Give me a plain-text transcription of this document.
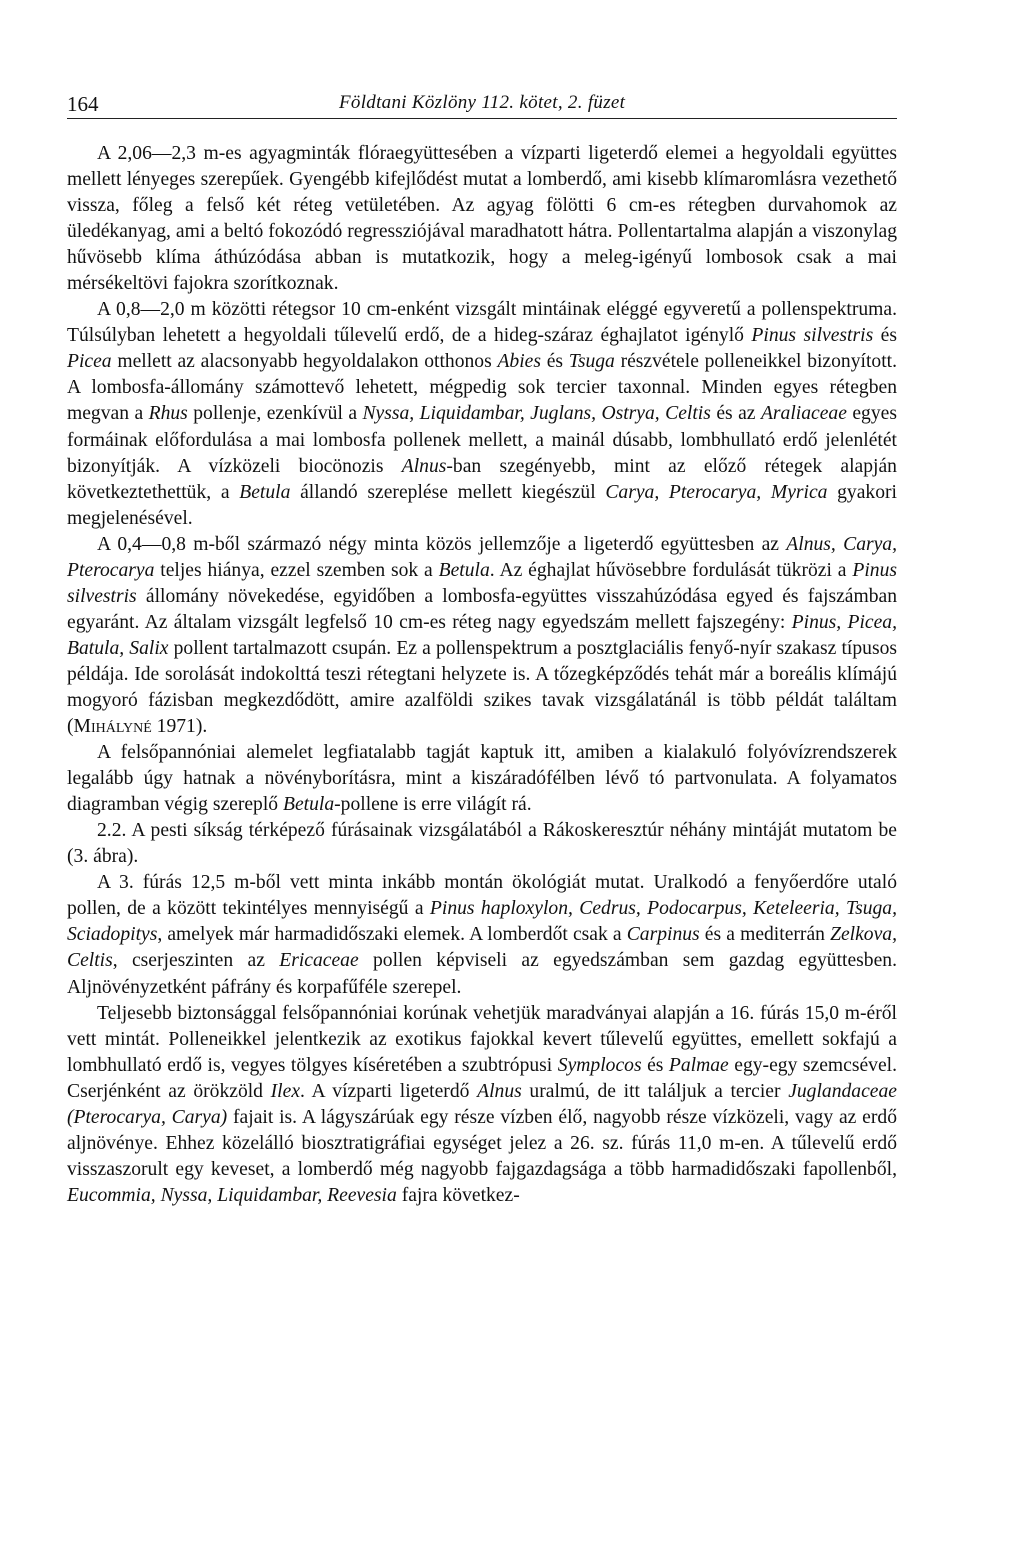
164	Földtani Közlöny 112. kötet, 2. füzet

A 2,06—2,3 m-es agyagminták flóraegyüttesében a vízparti ligeterdő elemei a hegyoldali együttes mellett lényeges szerepűek. Gyengébb kifejlődést mutat a lomberdő, ami kisebb klímaromlásra vezethető vissza, főleg a felső két réteg vetületében. Az agyag fölötti 6 cm-es rétegben durvahomok az üledékanyag, ami a beltó fokozódó regressziójával maradhatott hátra. Pollentartalma alapján a viszonylag hűvösebb klíma áthúzódása abban is mutatkozik, hogy a meleg-igényű lombosok csak a mai mérsékeltövi fajokra szorítkoznak.

A 0,8—2,0 m közötti rétegsor 10 cm-enként vizsgált mintáinak eléggé egyveretű a pollenspektruma. Túlsúlyban lehetett a hegyoldali tűlevelű erdő, de a hideg-száraz éghajlatot igénylő Pinus silvestris és Picea mellett az alacsonyabb hegyoldalakon otthonos Abies és Tsuga részvétele polleneikkel bizonyított. A lombosfa-állomány számottevő lehetett, mégpedig sok tercier taxonnal. Minden egyes rétegben megvan a Rhus pollenje, ezenkívül a Nyssa, Liquidambar, Juglans, Ostrya, Celtis és az Araliaceae egyes formáinak előfordulása a mai lombosfa pollenek mellett, a mainál dúsabb, lombhullató erdő jelenlétét bizonyítják. A vízközeli biocönozis Alnus-ban szegényebb, mint az előző rétegek alapján következtethettük, a Betula állandó szereplése mellett kiegészül Carya, Pterocarya, Myrica gyakori megjelenésével.

A 0,4—0,8 m-ből származó négy minta közös jellemzője a ligeterdő együttesben az Alnus, Carya, Pterocarya teljes hiánya, ezzel szemben sok a Betula. Az éghajlat hűvösebbre fordulását tükrözi a Pinus silvestris állomány növekedése, egyidőben a lombosfa-együttes visszahúzódása egyed és fajszámban egyaránt. Az általam vizsgált legfelső 10 cm-es réteg nagy egyedszám mellett fajszegény: Pinus, Picea, Batula, Salix pollent tartalmazott csupán. Ez a pollenspektrum a posztglaciális fenyő-nyír szakasz típusos példája. Ide sorolását indokolttá teszi rétegtani helyzete is. A tőzegképződés tehát már a boreális klímájú mogyoró fázisban megkezdődött, amire azalföldi szikes tavak vizsgálatánál is több példát találtam (Mihályné 1971).

A felsőpannóniai alemelet legfiatalabb tagját kaptuk itt, amiben a kialakuló folyóvízrendszerek legalább úgy hatnak a növényborításra, mint a kiszáradófélben lévő tó partvonulata. A folyamatos diagramban végig szereplő Betula-pollene is erre világít rá.

2.2. A pesti síkság térképező fúrásainak vizsgálatából a Rákoskeresztúr néhány mintáját mutatom be (3. ábra).

A 3. fúrás 12,5 m-ből vett minta inkább montán ökológiát mutat. Uralkodó a fenyőerdőre utaló pollen, de a között tekintélyes mennyiségű a Pinus haploxylon, Cedrus, Podocarpus, Keteleeria, Tsuga, Sciadopitys, amelyek már harmadidőszaki elemek. A lomberdőt csak a Carpinus és a mediterrán Zelkova, Celtis, cserjeszinten az Ericaceae pollen képviseli az egyedszámban sem gazdag együttesben. Aljnövényzetként páfrány és korpafűféle szerepel.

Teljesebb biztonsággal felsőpannóniai korúnak vehetjük maradványai alapján a 16. fúrás 15,0 m-éről vett mintát. Polleneikkel jelentkezik az exotikus fajokkal kevert tűlevelű együttes, emellett sokfajú a lombhullató erdő is, vegyes tölgyes kíséretében a szubtrópusi Symplocos és Palmae egy-egy szemcsével. Cserjénként az örökzöld Ilex. A vízparti ligeterdő Alnus uralmú, de itt találjuk a tercier Juglandaceae (Pterocarya, Carya) fajait is. A lágyszárúak egy része vízben élő, nagyobb része vízközeli, vagy az erdő aljnövénye. Ehhez közelálló biosztratigráfiai egységet jelez a 26. sz. fúrás 11,0 m-en. A tűlevelű erdő visszaszorult egy keveset, a lomberdő még nagyobb fajgazdagsága a több harmadidőszaki fapollenből, Eucommia, Nyssa, Liquidambar, Reevesia fajra következ-
